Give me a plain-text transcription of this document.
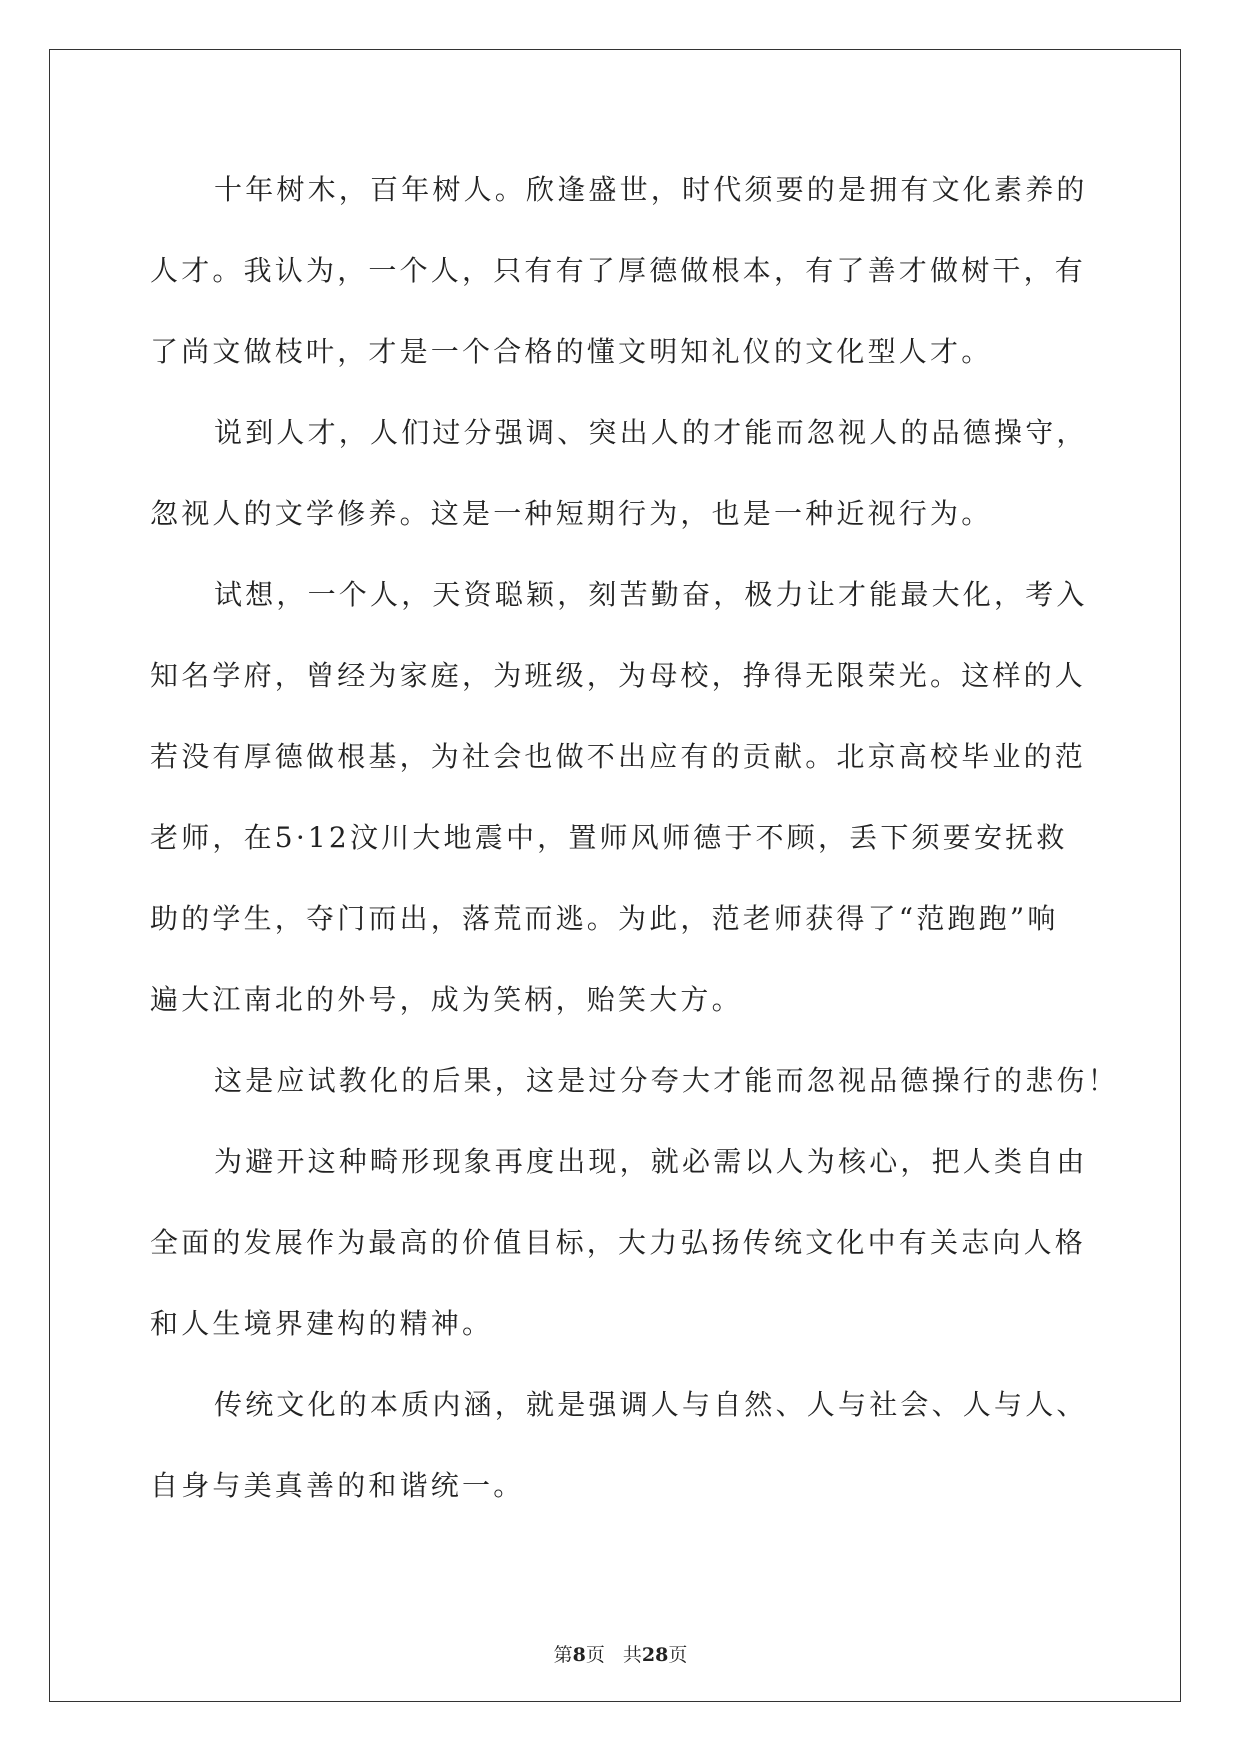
十年树木，百年树人。欣逢盛世，时代须要的是拥有文化素养的
人才。我认为，一个人，只有有了厚德做根本，有了善才做树干，有
了尚文做枝叶，才是一个合格的懂文明知礼仪的文化型人才。
说到人才，人们过分强调、突出人的才能而忽视人的品德操守，
忽视人的文学修养。这是一种短期行为，也是一种近视行为。
试想，一个人，天资聪颖，刻苦勤奋，极力让才能最大化，考入
知名学府，曾经为家庭，为班级，为母校，挣得无限荣光。这样的人
若没有厚德做根基，为社会也做不出应有的贡献。北京高校毕业的范
老师，在5·12汶川大地震中，置师风师德于不顾，丢下须要安抚救
助的学生，夺门而出，落荒而逃。为此，范老师获得了“范跑跑”响
遍大江南北的外号，成为笑柄，贻笑大方。
这是应试教化的后果，这是过分夸大才能而忽视品德操行的悲伤！
为避开这种畸形现象再度出现，就必需以人为核心，把人类自由
全面的发展作为最高的价值目标，大力弘扬传统文化中有关志向人格
和人生境界建构的精神。
传统文化的本质内涵，就是强调人与自然、人与社会、人与人、
自身与美真善的和谐统一。
第8页 共28页
